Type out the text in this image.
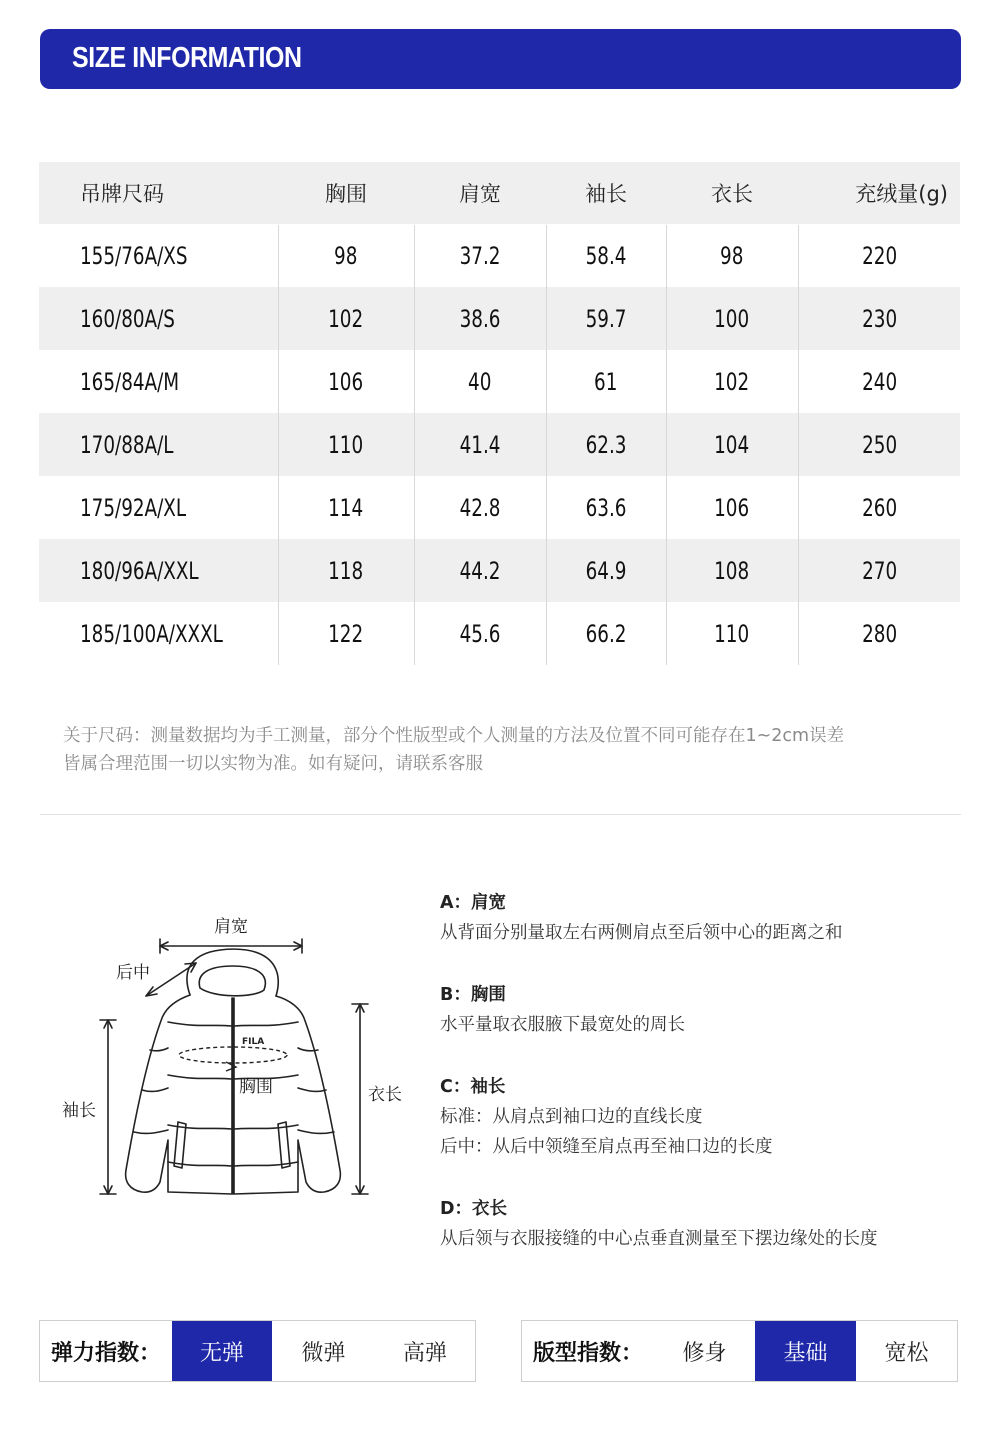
SIZE INFORMATION
吊牌尺码	胸围	肩宽	袖长	衣长	充绒量(g)
155/76A/XS	98	37.2	58.4	98	220
160/80A/S	102	38.6	59.7	100	230
165/84A/M	106	40	61	102	240
170/88A/L	110	41.4	62.3	104	250
175/92A/XL	114	42.8	63.6	106	260
180/96A/XXL	118	44.2	64.9	108	270
185/100A/XXXL	122	45.6	66.2	110	280
关于尺码：测量数据均为手工测量，部分个性版型或个人测量的方法及位置不同可能存在1~2cm误差
皆属合理范围一切以实物为准。如有疑问，请联系客服
肩宽
后中
胸围
袖长
衣长
FILA
A：肩宽
从背面分别量取左右两侧肩点至后领中心的距离之和
B：胸围
水平量取衣服腋下最宽处的周长
C：袖长
标准：从肩点到袖口边的直线长度
后中：从后中领缝至肩点再至袖口边的长度
D：衣长
从后领与衣服接缝的中心点垂直测量至下摆边缘处的长度
弹力指数：	无弹	微弹	高弹	版型指数：	修身	基础	宽松
